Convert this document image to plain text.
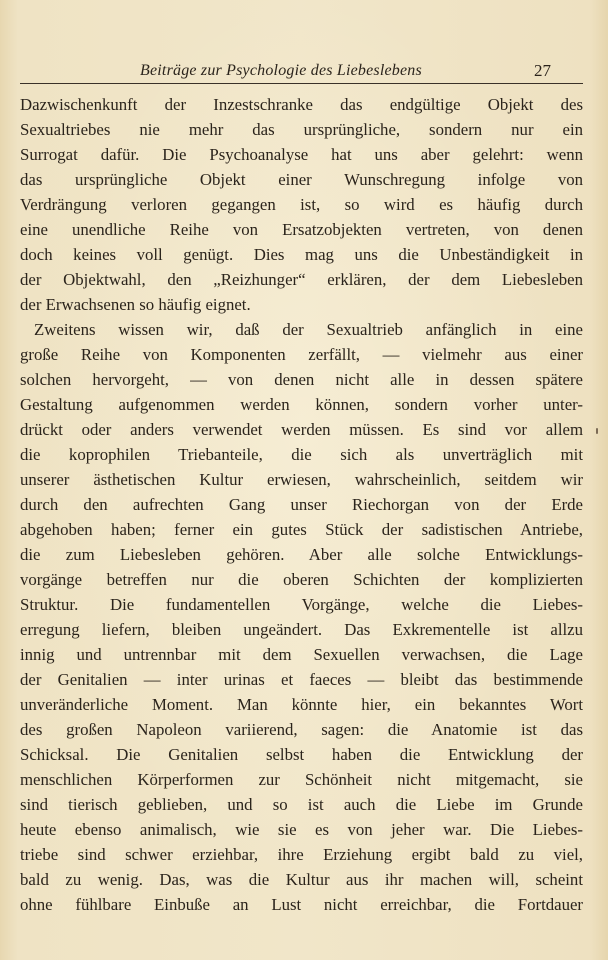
Beiträge zur Psychologie des Liebeslebens	27
Dazwischenkunft der Inzestschranke das endgültige Objekt des
Sexualtriebes nie mehr das ursprüngliche, sondern nur ein
Surrogat dafür. Die Psychoanalyse hat uns aber gelehrt: wenn
das ursprüngliche Objekt einer Wunschregung infolge von
Verdrängung verloren gegangen ist, so wird es häufig durch
eine unendliche Reihe von Ersatzobjekten vertreten, von denen
doch keines voll genügt. Dies mag uns die Unbeständigkeit in
der Objektwahl, den „Reizhunger“ erklären, der dem Liebesleben
der Erwachsenen so häufig eignet.
Zweitens wissen wir, daß der Sexualtrieb anfänglich in eine
große Reihe von Komponenten zerfällt, — vielmehr aus einer
solchen hervorgeht, — von denen nicht alle in dessen spätere
Gestaltung aufgenommen werden können, sondern vorher unter-
drückt oder anders verwendet werden müssen. Es sind vor allem
die koprophilen Triebanteile, die sich als unverträglich mit
unserer ästhetischen Kultur erwiesen, wahrscheinlich, seitdem wir
durch den aufrechten Gang unser Riechorgan von der Erde
abgehoben haben; ferner ein gutes Stück der sadistischen Antriebe,
die zum Liebesleben gehören. Aber alle solche Entwicklungs-
vorgänge betreffen nur die oberen Schichten der komplizierten
Struktur. Die fundamentellen Vorgänge, welche die Liebes-
erregung liefern, bleiben ungeändert. Das Exkrementelle ist allzu
innig und untrennbar mit dem Sexuellen verwachsen, die Lage
der Genitalien — inter urinas et faeces — bleibt das bestimmende
unveränderliche Moment. Man könnte hier, ein bekanntes Wort
des großen Napoleon variierend, sagen: die Anatomie ist das
Schicksal. Die Genitalien selbst haben die Entwicklung der
menschlichen Körperformen zur Schönheit nicht mitgemacht, sie
sind tierisch geblieben, und so ist auch die Liebe im Grunde
heute ebenso animalisch, wie sie es von jeher war. Die Liebes-
triebe sind schwer erziehbar, ihre Erziehung ergibt bald zu viel,
bald zu wenig. Das, was die Kultur aus ihr machen will, scheint
ohne fühlbare Einbuße an Lust nicht erreichbar, die Fortdauer
